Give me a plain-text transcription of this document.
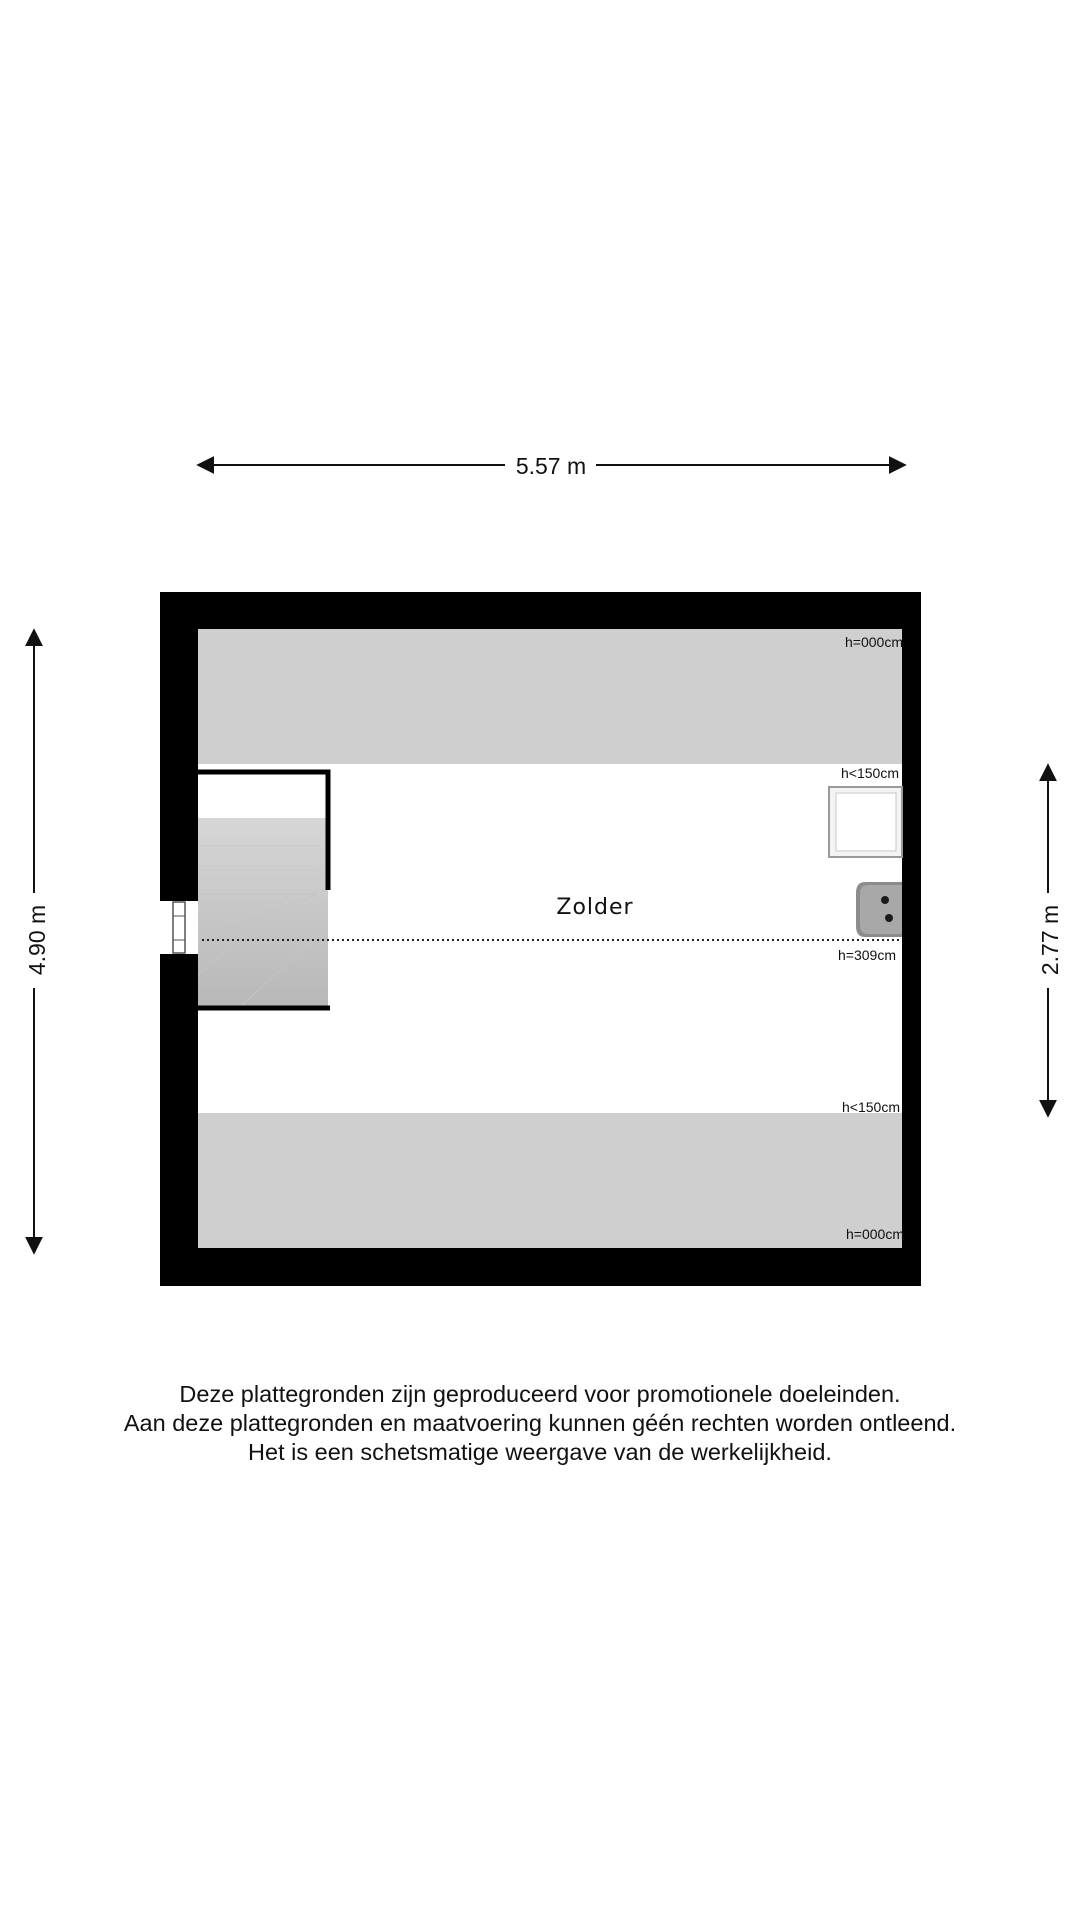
5.57 m
4.90 m	2.77 m
Zolder
h=000cm
h<150cm
h=309cm
h<150cm
h=000cm
Deze plattegronden zijn geproduceerd voor promotionele doeleinden.
Aan deze plattegronden en maatvoering kunnen géén rechten worden ontleend.
Het is een schetsmatige weergave van de werkelijkheid.
